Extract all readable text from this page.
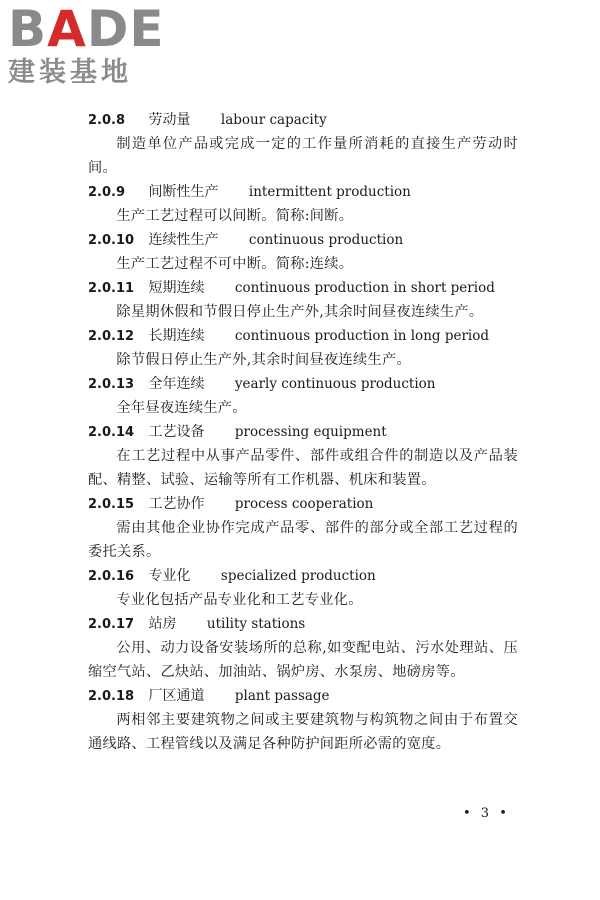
BADE
建装基地
2.0.8 劳动量 labour capacity
制造单位产品或完成一定的工作量所消耗的直接生产劳动时间。
2.0.9 间断性生产 intermittent production
生产工艺过程可以间断。简称:间断。
2.0.10 连续性生产 continuous production
生产工艺过程不可中断。简称:连续。
2.0.11 短期连续 continuous production in short period
除星期休假和节假日停止生产外,其余时间昼夜连续生产。
2.0.12 长期连续 continuous production in long period
除节假日停止生产外,其余时间昼夜连续生产。
2.0.13 全年连续 yearly continuous production
全年昼夜连续生产。
2.0.14 工艺设备 processing equipment
在工艺过程中从事产品零件、部件或组合件的制造以及产品装配、精整、试验、运输等所有工作机器、机床和装置。
2.0.15 工艺协作 process cooperation
需由其他企业协作完成产品零、部件的部分或全部工艺过程的委托关系。
2.0.16 专业化 specialized production
专业化包括产品专业化和工艺专业化。
2.0.17 站房 utility stations
公用、动力设备安装场所的总称,如变配电站、污水处理站、压缩空气站、乙炔站、加油站、锅炉房、水泵房、地磅房等。
2.0.18 厂区通道 plant passage
两相邻主要建筑物之间或主要建筑物与构筑物之间由于布置交通线路、工程管线以及满足各种防护间距所必需的宽度。
• 3 •
